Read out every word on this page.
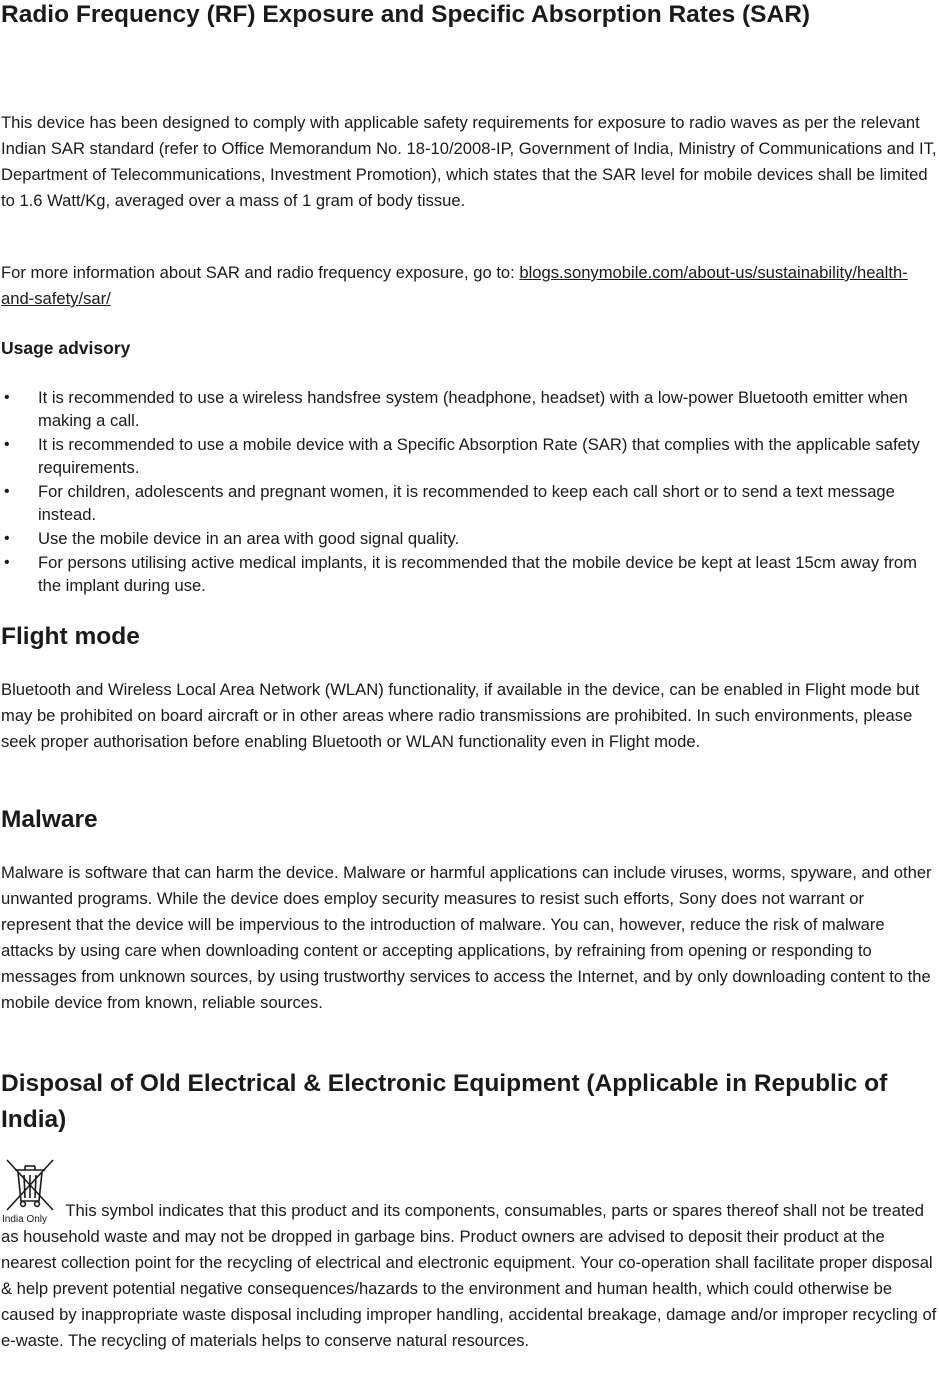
Radio Frequency (RF) Exposure and Specific Absorption Rates (SAR)

This device has been designed to comply with applicable safety requirements for exposure to radio waves as per the relevant Indian SAR standard (refer to Office Memorandum No. 18-10/2008-IP, Government of India, Ministry of Communications and IT, Department of Telecommunications, Investment Promotion), which states that the SAR level for mobile devices shall be limited to 1.6 Watt/Kg, averaged over a mass of 1 gram of body tissue.

For more information about SAR and radio frequency exposure, go to: blogs.sonymobile.com/about-us/sustainability/health-and-safety/sar/

Usage advisory

• It is recommended to use a wireless handsfree system (headphone, headset) with a low-power Bluetooth emitter when making a call.
• It is recommended to use a mobile device with a Specific Absorption Rate (SAR) that complies with the applicable safety requirements.
• For children, adolescents and pregnant women, it is recommended to keep each call short or to send a text message instead.
• Use the mobile device in an area with good signal quality.
• For persons utilising active medical implants, it is recommended that the mobile device be kept at least 15cm away from the implant during use.
Flight mode

Bluetooth and Wireless Local Area Network (WLAN) functionality, if available in the device, can be enabled in Flight mode but may be prohibited on board aircraft or in other areas where radio transmissions are prohibited. In such environments, please seek proper authorisation before enabling Bluetooth or WLAN functionality even in Flight mode.

Malware

Malware is software that can harm the device. Malware or harmful applications can include viruses, worms, spyware, and other unwanted programs. While the device does employ security measures to resist such efforts, Sony does not warrant or represent that the device will be impervious to the introduction of malware. You can, however, reduce the risk of malware attacks by using care when downloading content or accepting applications, by refraining from opening or responding to messages from unknown sources, by using trustworthy services to access the Internet, and by only downloading content to the mobile device from known, reliable sources.

Disposal of Old Electrical & Electronic Equipment (Applicable in Republic of India)

India Only This symbol indicates that this product and its components, consumables, parts or spares thereof shall not be treated as household waste and may not be dropped in garbage bins. Product owners are advised to deposit their product at the nearest collection point for the recycling of electrical and electronic equipment. Your co-operation shall facilitate proper disposal & help prevent potential negative consequences/hazards to the environment and human health, which could otherwise be caused by inappropriate waste disposal including improper handling, accidental breakage, damage and/or improper recycling of e-waste. The recycling of materials helps to conserve natural resources.
